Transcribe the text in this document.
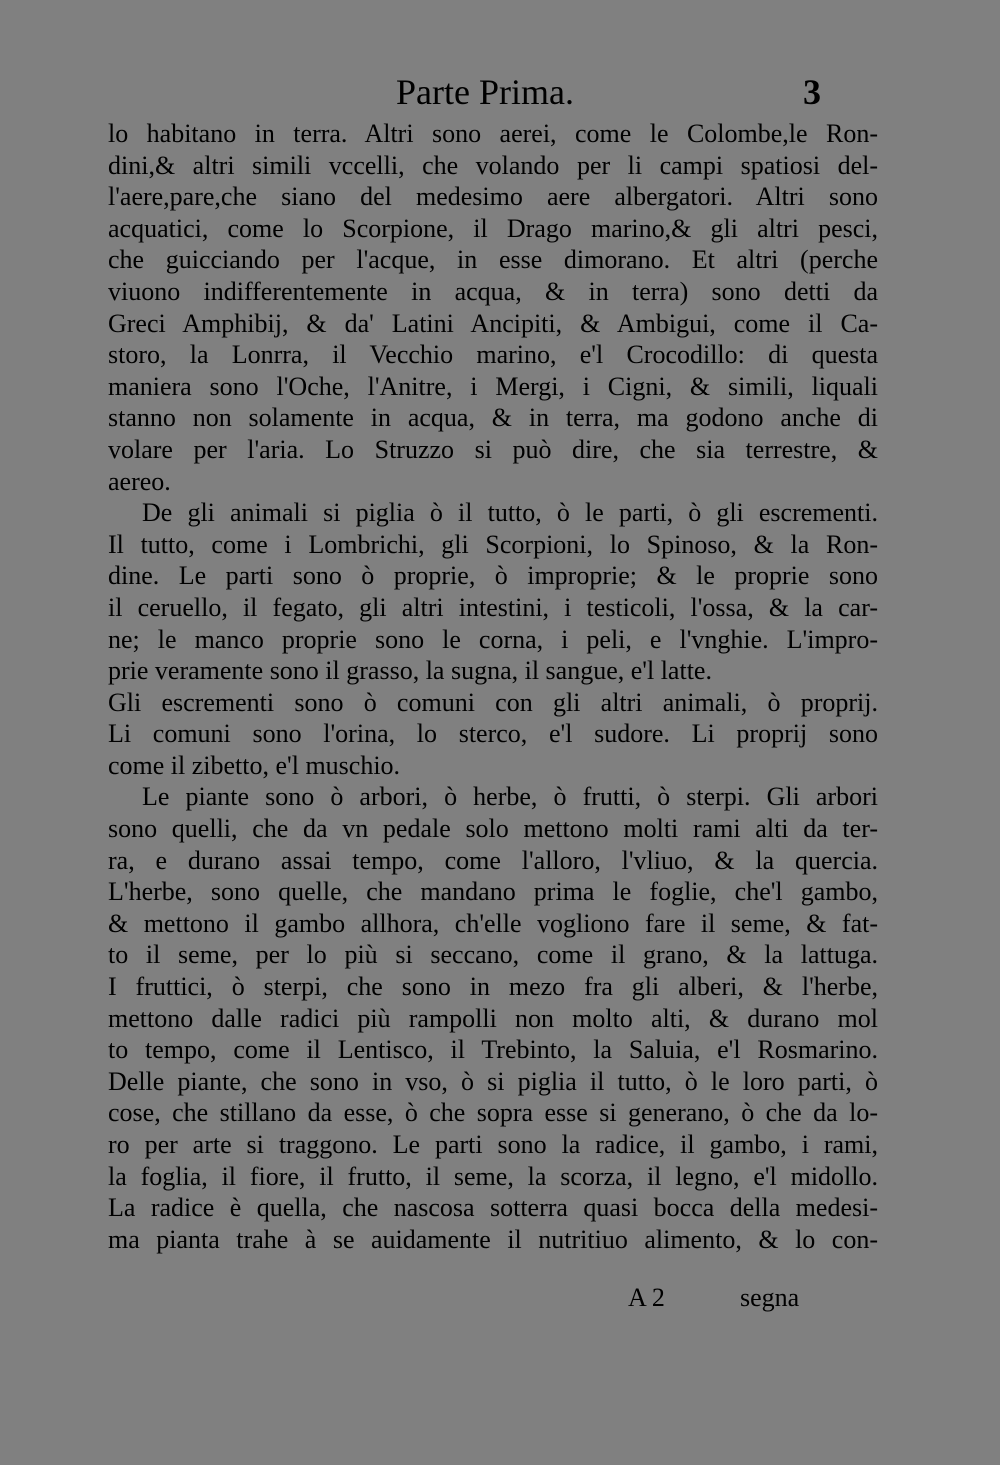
Parte Prima.	3
lo habitano in terra. Altri sono aerei, come le Colombe,le Ron-
dini,& altri simili vccelli, che volando per li campi spatiosi del-
l'aere,pare,che siano del medesimo aere albergatori. Altri sono
acquatici, come lo Scorpione, il Drago marino,& gli altri pesci,
che guicciando per l'acque, in esse dimorano. Et altri (perche
viuono indifferentemente in acqua, & in terra) sono detti da
Greci Amphibij, & da' Latini Ancipiti, & Ambigui, come il Ca-
storo, la Lonrra, il Vecchio marino, e'l Crocodillo: di questa
maniera sono l'Oche, l'Anitre, i Mergi, i Cigni, & simili, liquali
stanno non solamente in acqua, & in terra, ma godono anche di
volare per l'aria. Lo Struzzo si può dire, che sia terrestre, &
aereo.
De gli animali si piglia ò il tutto, ò le parti, ò gli escrementi.
Il tutto, come i Lombrichi, gli Scorpioni, lo Spinoso, & la Ron-
dine. Le parti sono ò proprie, ò improprie; & le proprie sono
il ceruello, il fegato, gli altri intestini, i testicoli, l'ossa, & la car-
ne; le manco proprie sono le corna, i peli, e l'vnghie. L'impro-
prie veramente sono il grasso, la sugna, il sangue, e'l latte.
Gli escrementi sono ò comuni con gli altri animali, ò proprij.
Li comuni sono l'orina, lo sterco, e'l sudore. Li proprij sono
come il zibetto, e'l muschio.
Le piante sono ò arbori, ò herbe, ò frutti, ò sterpi. Gli arbori
sono quelli, che da vn pedale solo mettono molti rami alti da ter-
ra, e durano assai tempo, come l'alloro, l'vliuo, & la quercia.
L'herbe, sono quelle, che mandano prima le foglie, che'l gambo,
& mettono il gambo allhora, ch'elle vogliono fare il seme, & fat-
to il seme, per lo più si seccano, come il grano, & la lattuga.
I fruttici, ò sterpi, che sono in mezo fra gli alberi, & l'herbe,
mettono dalle radici più rampolli non molto alti, & durano mol
to tempo, come il Lentisco, il Trebinto, la Saluia, e'l Rosmarino.
Delle piante, che sono in vso, ò si piglia il tutto, ò le loro parti, ò
cose, che stillano da esse, ò che sopra esse si generano, ò che da lo-
ro per arte si traggono. Le parti sono la radice, il gambo, i rami,
la foglia, il fiore, il frutto, il seme, la scorza, il legno, e'l midollo.
La radice è quella, che nascosa sotterra quasi bocca della medesi-
ma pianta trahe à se auidamente il nutritiuo alimento, & lo con-
A 2	segna
